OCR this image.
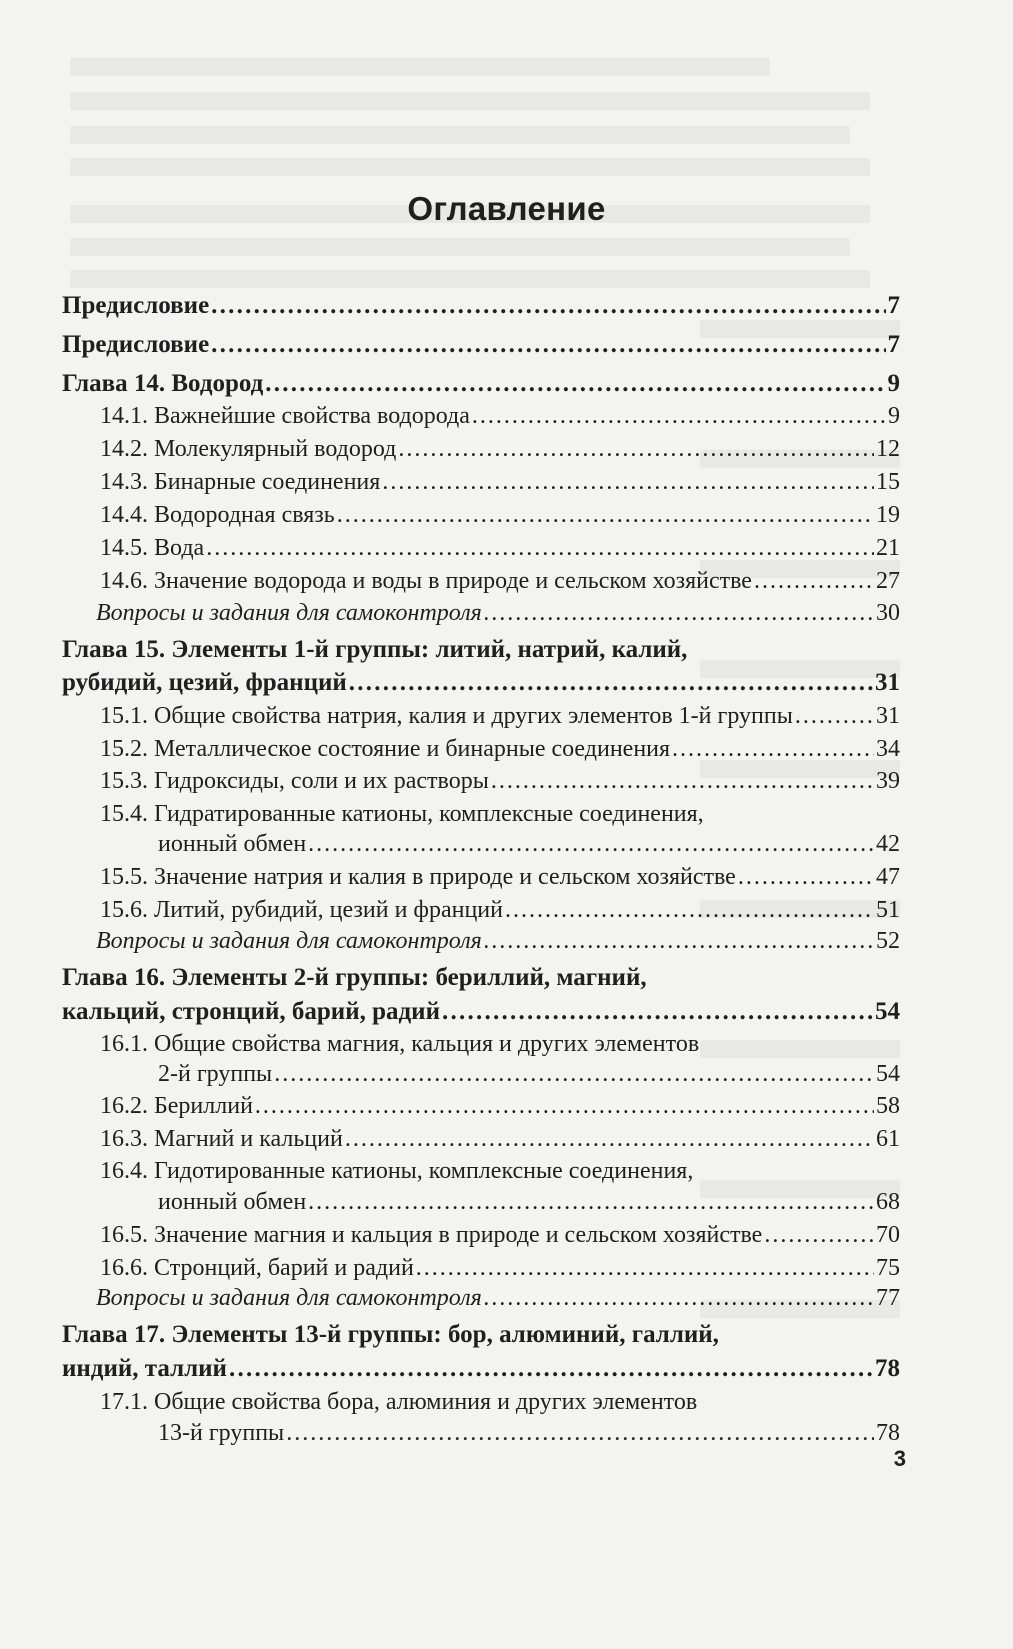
Оглавление
Предисловие . . .	7
Предисловие . . .	7
Глава 14. Водород . . .	9
14.1. Важнейшие свойства водорода . . .	9
14.2. Молекулярный водород . . .	12
14.3. Бинарные соединения . . .	15
14.4. Водородная связь . . .	19
14.5. Вода . . .	21
14.6. Значение водорода и воды в природе и сельском хозяйстве . . .	27
Вопросы и задания для самоконтроля . . .	30
Глава 15. Элементы 1-й группы: литий, натрий, калий,
рубидий, цезий, франций . . .	31
15.1. Общие свойства натрия, калия и других элементов 1-й группы . . .	31
15.2. Металлическое состояние и бинарные соединения . . .	34
15.3. Гидроксиды, соли и их растворы . . .	39
15.4. Гидратированные катионы, комплексные соединения,
ионный обмен . . .	42
15.5. Значение натрия и калия в природе и сельском хозяйстве . . .	47
15.6. Литий, рубидий, цезий и франций . . .	51
Вопросы и задания для самоконтроля . . .	52
Глава 16. Элементы 2-й группы: бериллий, магний,
кальций, стронций, барий, радий . . .	54
16.1. Общие свойства магния, кальция и других элементов
2-й группы . . .	54
16.2. Бериллий . . .	58
16.3. Магний и кальций . . .	61
16.4. Гидотированные катионы, комплексные соединения,
ионный обмен . . .	68
16.5. Значение магния и кальция в природе и сельском хозяйстве . . .	70
16.6. Стронций, барий и радий . . .	75
Вопросы и задания для самоконтроля . . .	77
Глава 17. Элементы 13-й группы: бор, алюминий, галлий,
индий, таллий . . .	78
17.1. Общие свойства бора, алюминия и других элементов
13-й группы . . .	78
3
